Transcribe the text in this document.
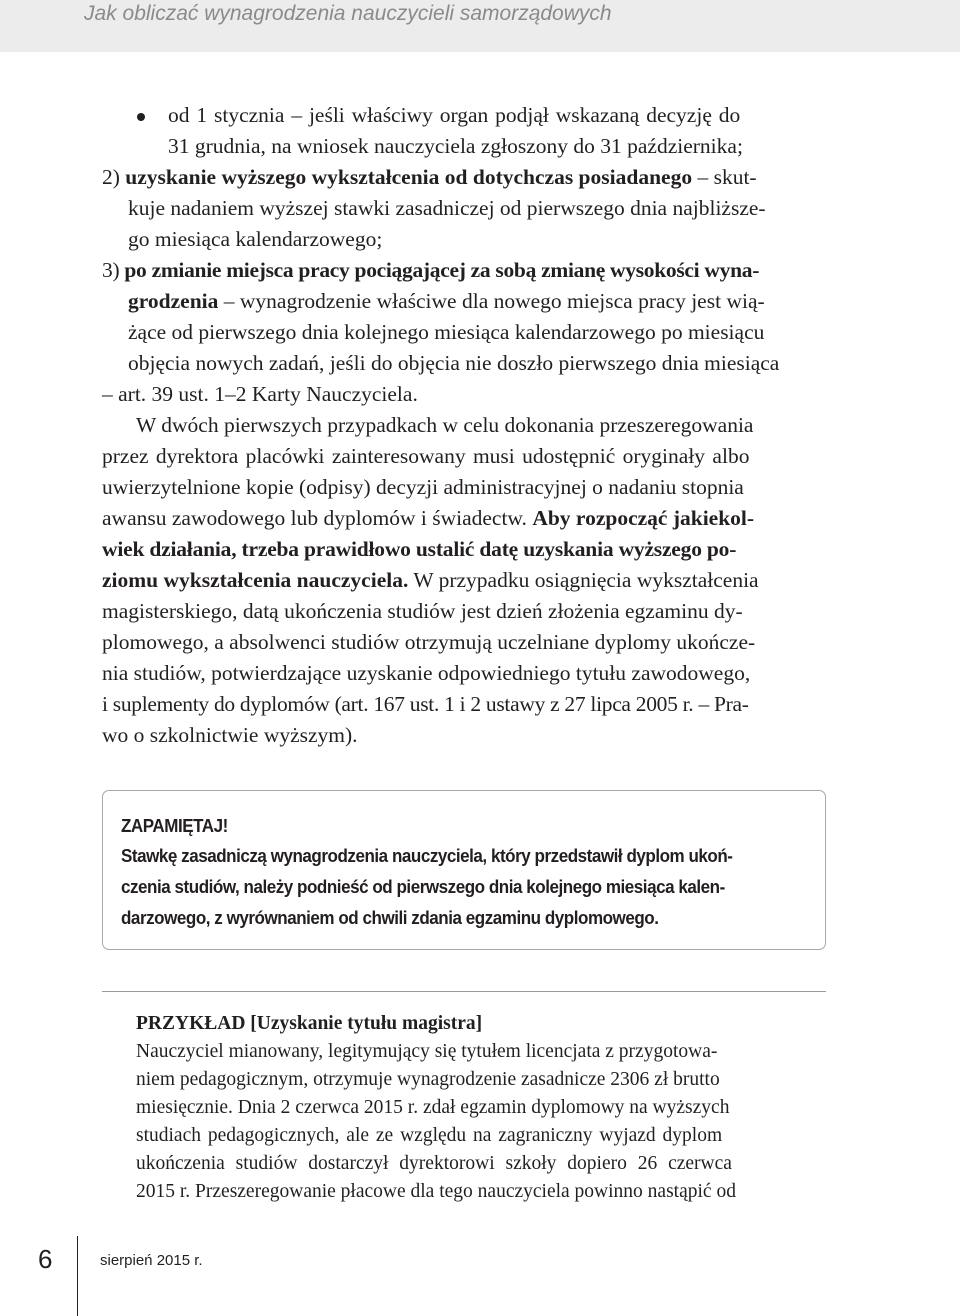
Jak obliczać wynagrodzenia nauczycieli samorządowych
od 1 stycznia – jeśli właściwy organ podjął wskazaną decyzję do
31 grudnia, na wniosek nauczyciela zgłoszony do 31 października;
2) uzyskanie wyższego wykształcenia od dotychczas posiadanego – skut-
kuje nadaniem wyższej stawki zasadniczej od pierwszego dnia najbliższe-
go miesiąca kalendarzowego;
3) po zmianie miejsca pracy pociągającej za sobą zmianę wysokości wyna-
grodzenia – wynagrodzenie właściwe dla nowego miejsca pracy jest wią-
żące od pierwszego dnia kolejnego miesiąca kalendarzowego po miesiącu
objęcia nowych zadań, jeśli do objęcia nie doszło pierwszego dnia miesiąca
– art. 39 ust. 1–2 Karty Nauczyciela.
W dwóch pierwszych przypadkach w celu dokonania przeszeregowania
przez dyrektora placówki zainteresowany musi udostępnić oryginały albo
uwierzytelnione kopie (odpisy) decyzji administracyjnej o nadaniu stopnia
awansu zawodowego lub dyplomów i świadectw. Aby rozpocząć jakiekol-
wiek działania, trzeba prawidłowo ustalić datę uzyskania wyższego po-
ziomu wykształcenia nauczyciela. W przypadku osiągnięcia wykształcenia
magisterskiego, datą ukończenia studiów jest dzień złożenia egzaminu dy-
plomowego, a absolwenci studiów otrzymują uczelniane dyplomy ukończe-
nia studiów, potwierdzające uzyskanie odpowiedniego tytułu zawodowego,
i suplementy do dyplomów (art. 167 ust. 1 i 2 ustawy z 27 lipca 2005 r. – Pra-
wo o szkolnictwie wyższym).
ZAPAMIĘTAJ!
Stawkę zasadniczą wynagrodzenia nauczyciela, który przedstawił dyplom ukoń-
czenia studiów, należy podnieść od pierwszego dnia kolejnego miesiąca kalen-
darzowego, z wyrównaniem od chwili zdania egzaminu dyplomowego.
PRZYKŁAD [Uzyskanie tytułu magistra]
Nauczyciel mianowany, legitymujący się tytułem licencjata z przygotowa-
niem pedagogicznym, otrzymuje wynagrodzenie zasadnicze 2306 zł brutto
miesięcznie. Dnia 2 czerwca 2015 r. zdał egzamin dyplomowy na wyższych
studiach pedagogicznych, ale ze względu na zagraniczny wyjazd dyplom
ukończenia studiów dostarczył dyrektorowi szkoły dopiero 26 czerwca
2015 r. Przeszeregowanie płacowe dla tego nauczyciela powinno nastąpić od
6	sierpień 2015 r.
